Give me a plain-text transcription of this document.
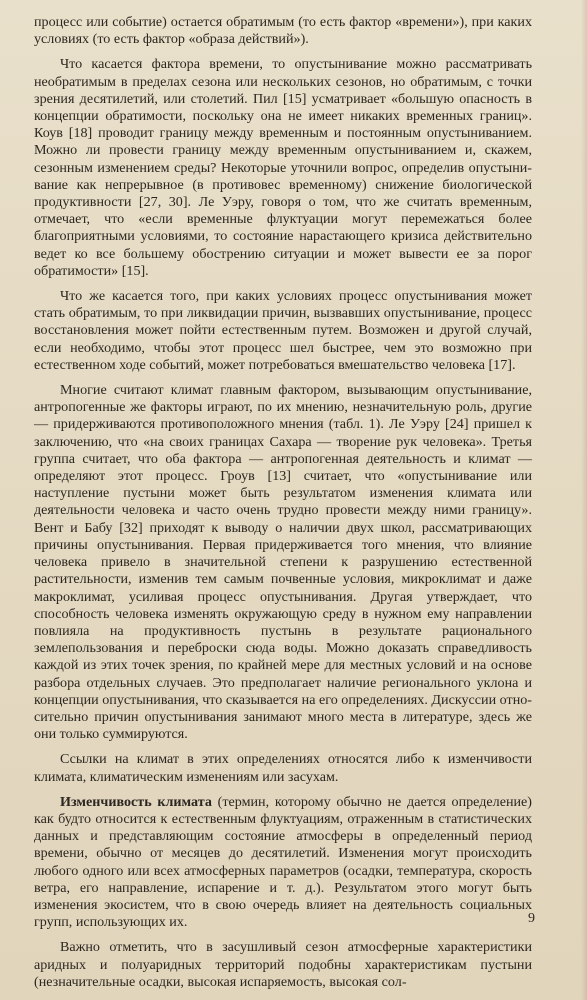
процесс или событие) остается обратимым (то есть фактор «времени»), при каких условиях (то есть фактор «образа действий»).

Что касается фактора времени, то опустынивание можно рассматривать необратимым в пределах сезона или нескольких сезонов, но обратимым, с точки зрения десятилетий, или столетий. Пил [15] усматривает «большую опасность в концепции обратимости, поскольку она не имеет никаких временных границ». Коув [18] проводит границу между временным и постоянным опустыниванием. Можно ли провести границу между временным опустыниванием и, скажем, сезонным изменением среды? Некоторые уточнили вопрос, определив опустынивание как непрерывное (в противовес временному) снижение биологической продуктивности [27, 30]. Ле Уэру, говоря о том, что же считать временным, отмечает, что «если временные флуктуации могут перемежаться более благоприятными условиями, то состояние нарастающего кризиса действительно ведет ко все большему обострению ситуации и может вывести ее за порог обратимости» [15].

Что же касается того, при каких условиях процесс опустынивания может стать обратимым, то при ликвидации причин, вызвавших опустынивание, процесс восстановления может пойти естественным путем. Возможен и другой случай, если необходимо, чтобы этот процесс шел быстрее, чем это возможно при естественном ходе событий, может потребоваться вмешательство человека [17].

Многие считают климат главным фактором, вызывающим опустынивание, антропогенные же факторы играют, по их мнению, незначительную роль, другие — придерживаются противоположного мнения (табл. 1). Ле Уэру [24] пришел к заключению, что «на своих границах Сахара — творение рук человека». Третья группа считает, что оба фактора — антропогенная деятельность и климат — определяют этот процесс. Гроув [13] считает, что «опустынивание или наступление пустыни может быть результатом изменения климата или деятельности человека и часто очень трудно провести между ними границу». Вент и Бабу [32] приходят к выводу о наличии двух школ, рассматривающих причины опустынивания. Первая придерживается того мнения, что влияние человека привело в значительной степени к разрушению естественной растительности, изменив тем самым почвенные условия, микроклимат и даже макроклимат, усиливая процесс опустынивания. Другая утверждает, что способность человека изменять окружающую среду в нужном ему направлении повлияла на продуктивность пустынь в результате рационального землепользования и переброски сюда воды. Можно доказать справедливость каждой из этих точек зрения, по крайней мере для местных условий и на основе разбора отдельных случаев. Это предполагает наличие регионального уклона и концепции опустынивания, что сказывается на его определениях. Дискуссии относительно причин опустынивания занимают много места в литературе, здесь же они только суммируются.

Ссылки на климат в этих определениях относятся либо к изменчивости климата, климатическим изменениям или засухам.

Изменчивость климата (термин, которому обычно не дается определение) как будто относится к естественным флуктуациям, отраженным в статистических данных и представляющим состояние атмосферы в определенный период времени, обычно от месяцев до десятилетий. Изменения могут происходить любого одного или всех атмосферных параметров (осадки, температура, скорость ветра, его направление, испарение и т. д.). Результатом этого могут быть изменения экосистем, что в свою очередь влияет на деятельность социальных групп, использующих их.

Важно отметить, что в засушливый сезон атмосферные характеристики аридных и полуаридных территорий подобны характеристикам пустыни (незначительные осадки, высокая испаряемость, высокая сол-

9
